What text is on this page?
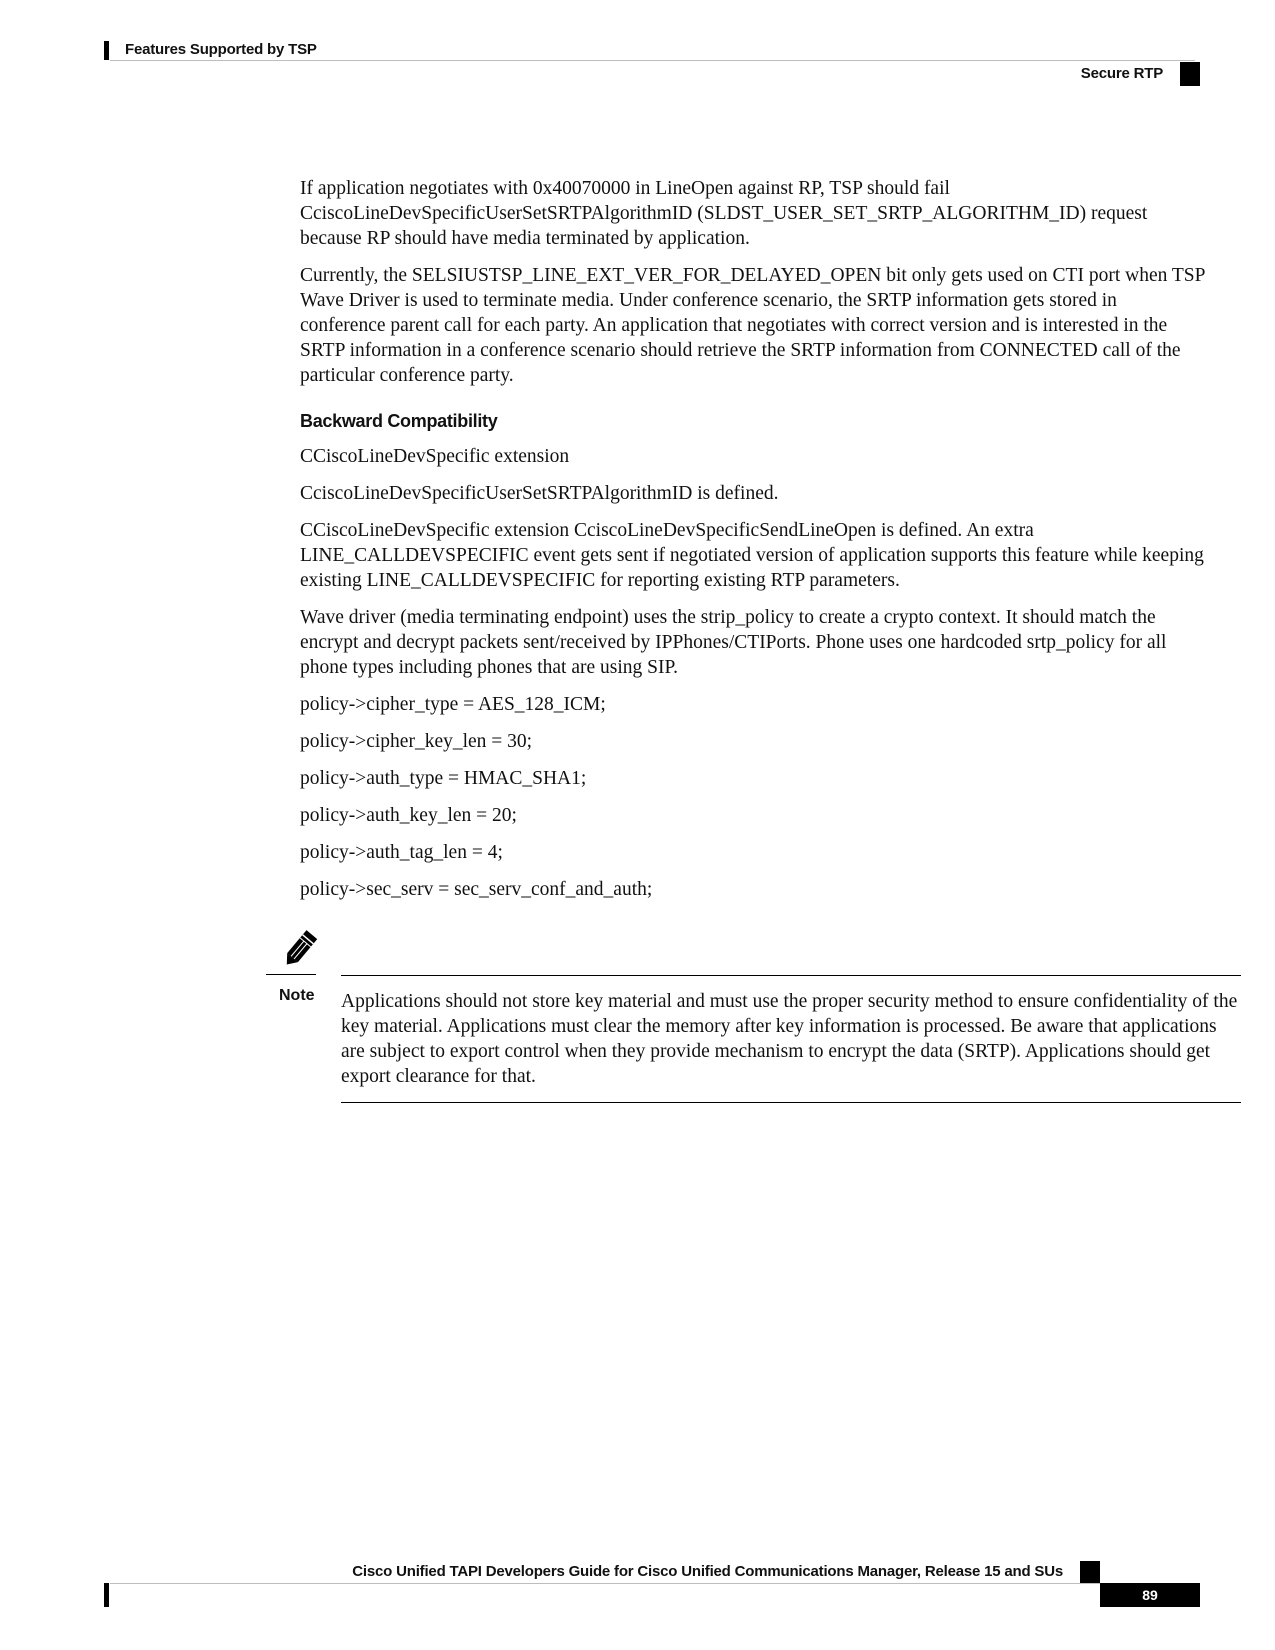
Features Supported by TSP
Secure RTP

If application negotiates with 0x40070000 in LineOpen against RP, TSP should fail CciscoLineDevSpecificUserSetSRTPAlgorithmID (SLDST_USER_SET_SRTP_ALGORITHM_ID) request because RP should have media terminated by application.

Currently, the SELSIUSTSP_LINE_EXT_VER_FOR_DELAYED_OPEN bit only gets used on CTI port when TSP Wave Driver is used to terminate media. Under conference scenario, the SRTP information gets stored in conference parent call for each party. An application that negotiates with correct version and is interested in the SRTP information in a conference scenario should retrieve the SRTP information from CONNECTED call of the particular conference party.

Backward Compatibility

CCiscoLineDevSpecific extension

CciscoLineDevSpecificUserSetSRTPAlgorithmID is defined.

CCiscoLineDevSpecific extension CciscoLineDevSpecificSendLineOpen is defined. An extra LINE_CALLDEVSPECIFIC event gets sent if negotiated version of application supports this feature while keeping existing LINE_CALLDEVSPECIFIC for reporting existing RTP parameters.

Wave driver (media terminating endpoint) uses the strip_policy to create a crypto context. It should match the encrypt and decrypt packets sent/received by IPPhones/CTIPorts. Phone uses one hardcoded srtp_policy for all phone types including phones that are using SIP.

policy->cipher_type = AES_128_ICM;

policy->cipher_key_len = 30;

policy->auth_type = HMAC_SHA1;

policy->auth_key_len = 20;

policy->auth_tag_len = 4;

policy->sec_serv = sec_serv_conf_and_auth;

Note Applications should not store key material and must use the proper security method to ensure confidentiality of the key material. Applications must clear the memory after key information is processed. Be aware that applications are subject to export control when they provide mechanism to encrypt the data (SRTP). Applications should get export clearance for that.
Cisco Unified TAPI Developers Guide for Cisco Unified Communications Manager, Release 15 and SUs
89
